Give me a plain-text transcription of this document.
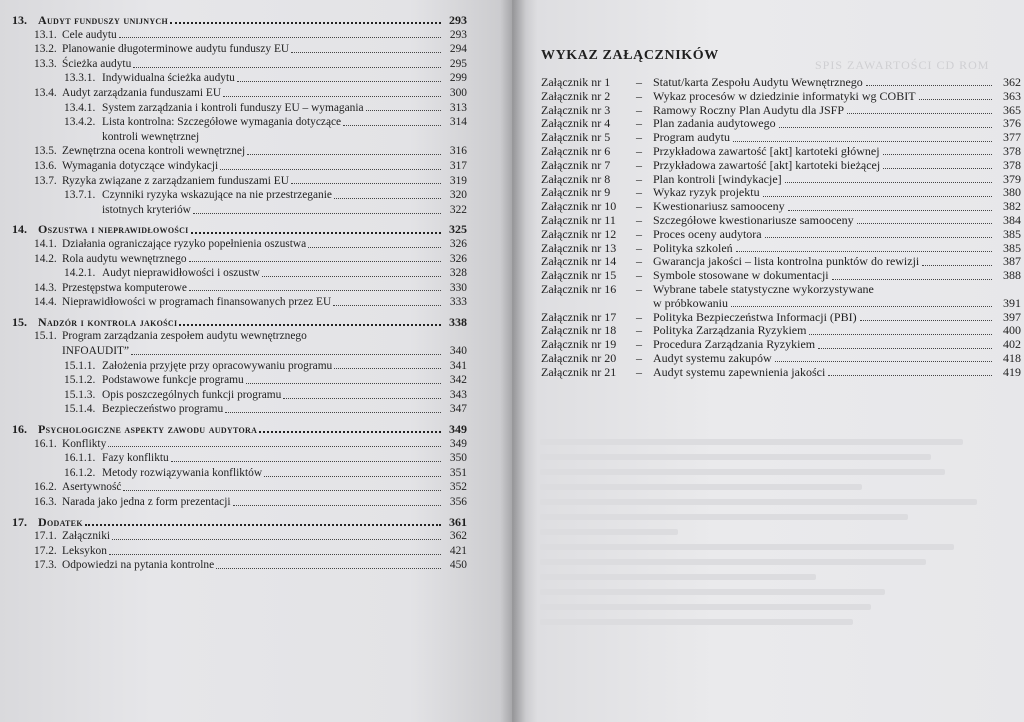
13. Audyt funduszy unijnych	293
13.1. Cele audytu	293
13.2. Planowanie długoterminowe audytu funduszy EU	294
13.3. Ścieżka audytu	295
13.3.1. Indywidualna ścieżka audytu	299
13.4. Audyt zarządzania funduszami EU	300
13.4.1. System zarządzania i kontroli funduszy EU – wymagania	313
13.4.2. Lista kontrolna: Szczegółowe wymagania dotyczące	314
kontroli wewnętrznej
13.5. Zewnętrzna ocena kontroli wewnętrznej	316
13.6. Wymagania dotyczące windykacji	317
13.7. Ryzyka związane z zarządzaniem funduszami EU	319
13.7.1. Czynniki ryzyka wskazujące na nie przestrzeganie	320
istotnych kryteriów	322
14. Oszustwa i nieprawidłowości	325
14.1. Działania ograniczające ryzyko popełnienia oszustwa	326
14.2. Rola audytu wewnętrznego	326
14.2.1. Audyt nieprawidłowości i oszustw	328
14.3. Przestępstwa komputerowe	330
14.4. Nieprawidłowości w programach finansowanych przez EU	333
15. Nadzór i kontrola jakości	338
15.1. Program zarządzania zespołem audytu wewnętrznego
INFOAUDIT”	340
15.1.1. Założenia przyjęte przy opracowywaniu programu	341
15.1.2. Podstawowe funkcje programu	342
15.1.3. Opis poszczególnych funkcji programu	343
15.1.4. Bezpieczeństwo programu	347
16. Psychologiczne aspekty zawodu audytora	349
16.1. Konflikty	349
16.1.1. Fazy konfliktu	350
16.1.2. Metody rozwiązywania konfliktów	351
16.2. Asertywność	352
16.3. Narada jako jedna z form prezentacji	356
17. Dodatek	361
17.1. Załączniki	362
17.2. Leksykon	421
17.3. Odpowiedzi na pytania kontrolne	450
SPIS ZAWARTOŚCI CD ROM
WYKAZ ZAŁĄCZNIKÓW
Załącznik nr 1	– Statut/karta Zespołu Audytu Wewnętrznego	362
Załącznik nr 2	– Wykaz procesów w dziedzinie informatyki wg COBIT	363
Załącznik nr 3	– Ramowy Roczny Plan Audytu dla JSFP	365
Załącznik nr 4	– Plan zadania audytowego	376
Załącznik nr 5	– Program audytu	377
Załącznik nr 6	– Przykładowa zawartość [akt] kartoteki głównej	378
Załącznik nr 7	– Przykładowa zawartość [akt] kartoteki bieżącej	378
Załącznik nr 8	– Plan kontroli [windykacje]	379
Załącznik nr 9	– Wykaz ryzyk projektu	380
Załącznik nr 10	– Kwestionariusz samooceny	382
Załącznik nr 11	– Szczegółowe kwestionariusze samooceny	384
Załącznik nr 12	– Proces oceny audytora	385
Załącznik nr 13	– Polityka szkoleń	385
Załącznik nr 14	– Gwarancja jakości – lista kontrolna punktów do rewizji	387
Załącznik nr 15	– Symbole stosowane w dokumentacji	388
Załącznik nr 16	– Wybrane tabele statystyczne wykorzystywane
w próbkowaniu	391
Załącznik nr 17	– Polityka Bezpieczeństwa Informacji (PBI)	397
Załącznik nr 18	– Polityka Zarządzania Ryzykiem	400
Załącznik nr 19	– Procedura Zarządzania Ryzykiem	402
Załącznik nr 20	– Audyt systemu zakupów	418
Załącznik nr 21	– Audyt systemu zapewnienia jakości	419
